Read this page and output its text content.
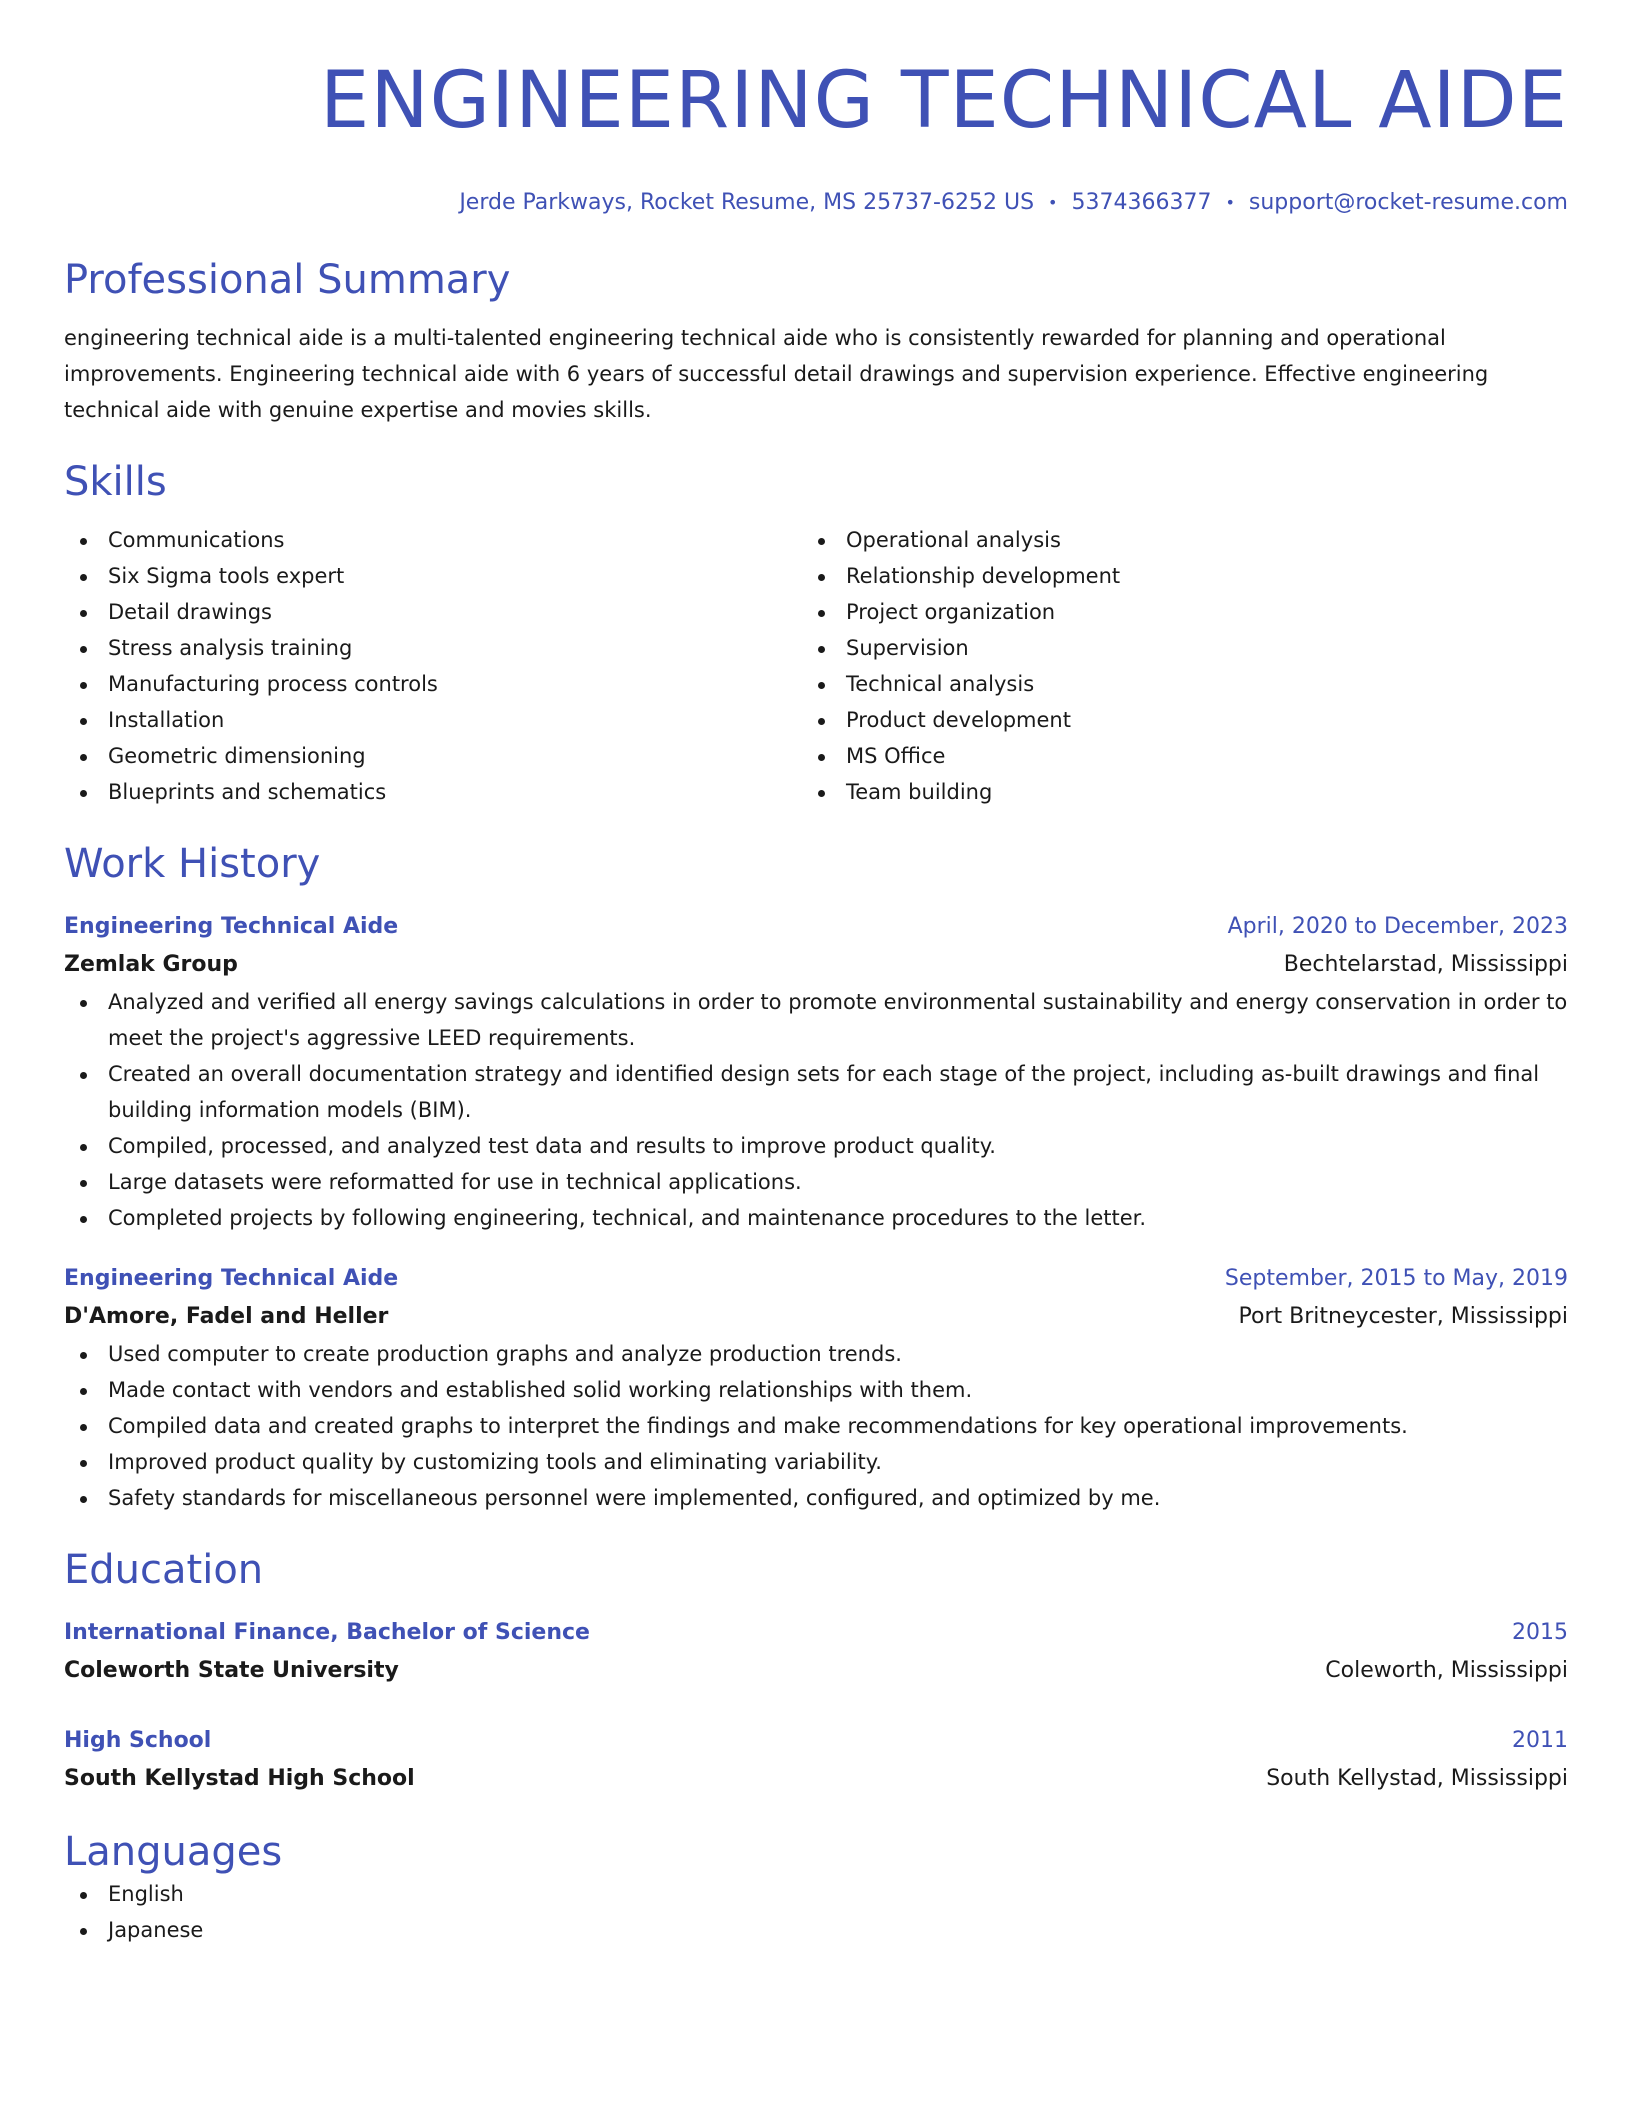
ENGINEERING TECHNICAL AIDE
Jerde Parkways, Rocket Resume, MS 25737-6252 US • 5374366377 • support@rocket-resume.com
Professional Summary
engineering technical aide is a multi-talented engineering technical aide who is consistently rewarded for planning and operational improvements. Engineering technical aide with 6 years of successful detail drawings and supervision experience. Effective engineering technical aide with genuine expertise and movies skills.
Skills
Communications
Six Sigma tools expert
Detail drawings
Stress analysis training
Manufacturing process controls
Installation
Geometric dimensioning
Blueprints and schematics
Operational analysis
Relationship development
Project organization
Supervision
Technical analysis
Product development
MS Office
Team building
Work History
Engineering Technical Aide	April, 2020 to December, 2023
Zemlak Group	Bechtelarstad, Mississippi
Analyzed and verified all energy savings calculations in order to promote environmental sustainability and energy conservation in order to meet the project's aggressive LEED requirements.
Created an overall documentation strategy and identified design sets for each stage of the project, including as-built drawings and final building information models (BIM).
Compiled, processed, and analyzed test data and results to improve product quality.
Large datasets were reformatted for use in technical applications.
Completed projects by following engineering, technical, and maintenance procedures to the letter.
Engineering Technical Aide	September, 2015 to May, 2019
D'Amore, Fadel and Heller	Port Britneycester, Mississippi
Used computer to create production graphs and analyze production trends.
Made contact with vendors and established solid working relationships with them.
Compiled data and created graphs to interpret the findings and make recommendations for key operational improvements.
Improved product quality by customizing tools and eliminating variability.
Safety standards for miscellaneous personnel were implemented, configured, and optimized by me.
Education
International Finance, Bachelor of Science	2015
Coleworth State University	Coleworth, Mississippi
High School	2011
South Kellystad High School	South Kellystad, Mississippi
Languages
English
Japanese
